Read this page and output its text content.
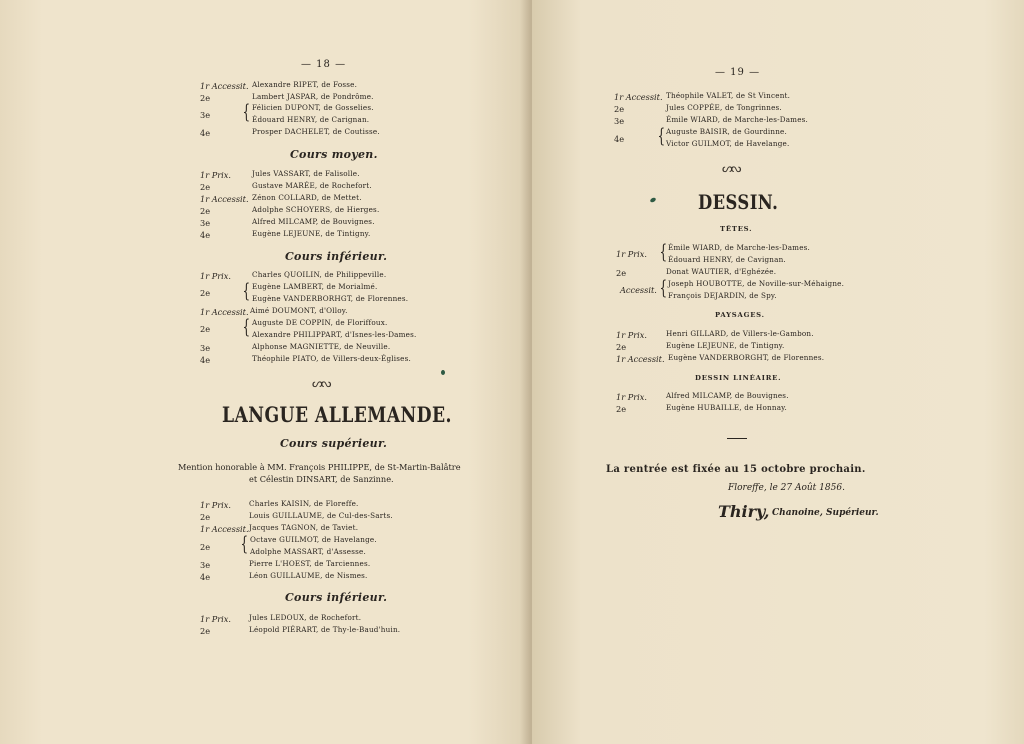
— 18 —
1r Accessit. Alexandre RIPET, de Fosse.
2e	Lambert JASPAR, de Pondrôme.
3e { Félicien DUPONT, de Gosselies.
Édouard HENRY, de Carignan.
4e	Prosper DACHELET, de Coutisse.
Cours moyen.
1r Prix.	Jules VASSART, de Falisolle.
2e	Gustave MARÉE, de Rochefort.
1r Accessit. Zénon COLLARD, de Mettet.
2e	Adolphe SCHOYERS, de Hierges.
3e	Alfred MILCAMP, de Bouvignes.
4e	Eugène LEJEUNE, de Tintigny.
Cours inférieur.
1r Prix.	Charles QUOILIN, de Philippeville.
2e { Eugène LAMBERT, de Morialmé.
Eugène VANDERBORHGT, de Florennes.
1r Accessit. Aimé DOUMONT, d'Olloy.
2e { Auguste DE COPPIN, de Floriffoux.
Alexandre PHILIPPART, d'Isnes-les-Dames.
3e	Alphonse MAGNIETTE, de Neuville.
4e	Théophile PIATO, de Villers-deux-Églises.
ᔕᔓ
LANGUE ALLEMANDE.
Cours supérieur.
Mention honorable à MM. François PHILIPPE, de St-Martin-Balâtre
et Célestin DINSART, de Sanzinne.
1r Prix.	Charles KAISIN, de Floreffe.
2e	Louis GUILLAUME, de Cul-des-Sarts.
1r Accessit. Jacques TAGNON, de Taviet.
2e { Octave GUILMOT, de Havelange.
Adolphe MASSART, d'Assesse.
3e	Pierre L'HOEST, de Tarciennes.
4e	Léon GUILLAUME, de Nismes.
Cours inférieur.
1r Prix.	Jules LEDOUX, de Rochefort.
2e	Léopold PIÉRART, de Thy-le-Baud'huin.
— 19 —
1r Accessit. Théophile VALET, de St Vincent.
2e	Jules COPPÉE, de Tongrinnes.
3e	Émile WIARD, de Marche-les-Dames.
4e { Auguste BAISIR, de Gourdinne.
Victor GUILMOT, de Havelange.
ᔕᔓ
DESSIN.
TÊTES.
1r Prix. { Émile WIARD, de Marche-les-Dames.
Édouard HENRY, de Cavignan.
2e	Donat WAUTIER, d'Eghézée.
Accessit. { Joseph HOUBOTTE, de Noville-sur-Méhaigne.
François DEJARDIN, de Spy.
PAYSAGES.
1r Prix.	Henri GILLARD, de Villers-le-Gambon.
2e	Eugène LEJEUNE, de Tintigny.
1r Accessit. Eugène VANDERBORGHT, de Florennes.
DESSIN LINÉAIRE.
1r Prix.	Alfred MILCAMP, de Bouvignes.
2e	Eugène HUBAILLE, de Honnay.
La rentrée est fixée au 15 octobre prochain.
Floreffe, le 27 Août 1856.
Thiry, Chanoine, Supérieur.
